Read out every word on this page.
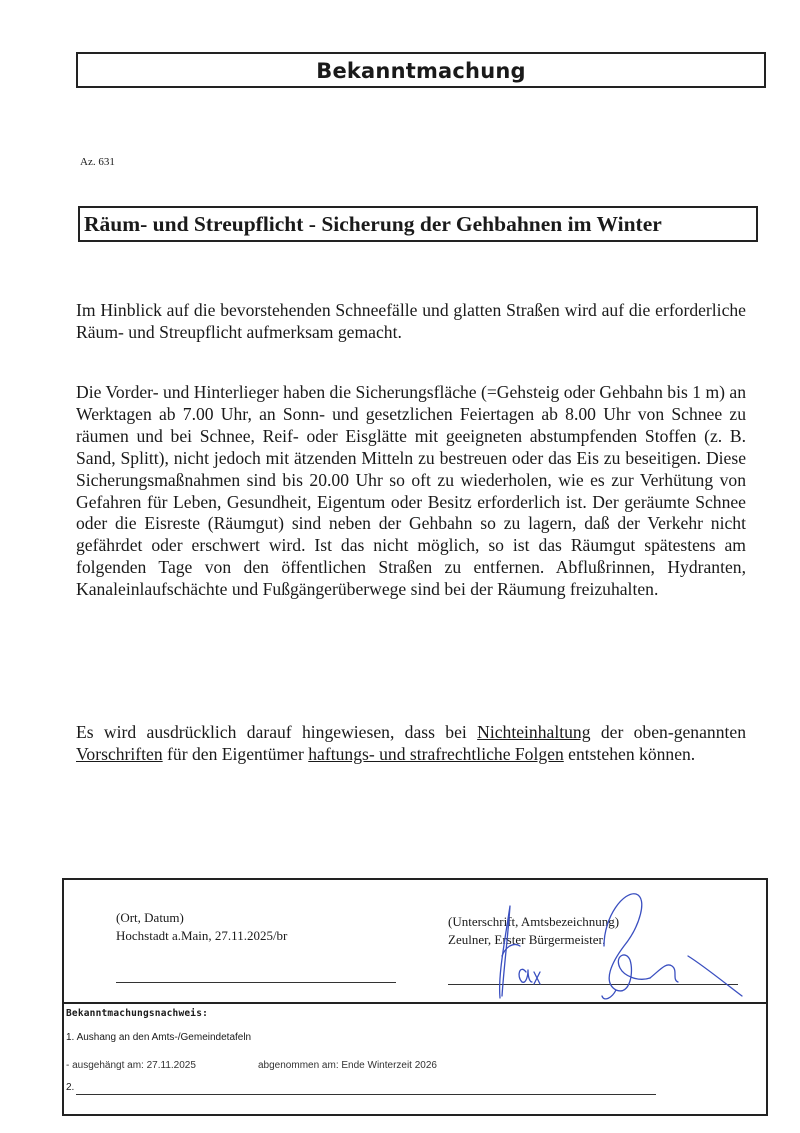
Bekanntmachung
Az. 631
Räum- und Streupflicht - Sicherung der Gehbahnen im Winter
Im Hinblick auf die bevorstehenden Schneefälle und glatten Straßen wird auf die erforderliche Räum- und Streupflicht aufmerksam gemacht.
Die Vorder- und Hinterlieger haben die Sicherungsfläche (=Gehsteig oder Gehbahn bis 1 m) an Werktagen ab 7.00 Uhr, an Sonn- und gesetzlichen Feiertagen ab 8.00 Uhr von Schnee zu räumen und bei Schnee, Reif- oder Eisglätte mit geeigneten abstumpfenden Stoffen (z. B. Sand, Splitt), nicht jedoch mit ätzenden Mitteln zu bestreuen oder das Eis zu beseitigen. Diese Sicherungsmaßnahmen sind bis 20.00 Uhr so oft zu wiederholen, wie es zur Verhütung von Gefahren für Leben, Gesundheit, Eigentum oder Besitz erforderlich ist. Der geräumte Schnee oder die Eisreste (Räumgut) sind neben der Gehbahn so zu lagern, daß der Verkehr nicht gefährdet oder erschwert wird. Ist das nicht möglich, so ist das Räumgut spätestens am folgenden Tage von den öffentlichen Straßen zu entfernen. Abflußrinnen, Hydranten, Kanaleinlaufschächte und Fußgängerüberwege sind bei der Räumung freizuhalten.
Es wird ausdrücklich darauf hingewiesen, dass bei Nichteinhaltung der oben-genannten Vorschriften für den Eigentümer haftungs- und strafrechtliche Folgen entstehen können.
(Ort, Datum)
Hochstadt a.Main, 27.11.2025/br
(Unterschrift, Amtsbezeichnung)
Zeulner, Erster Bürgermeister.
Bekanntmachungsnachweis:
1. Aushang an den Amts-/Gemeindetafeln
- ausgehängt am: 27.11.2025	abgenommen am: Ende Winterzeit 2026
2.
